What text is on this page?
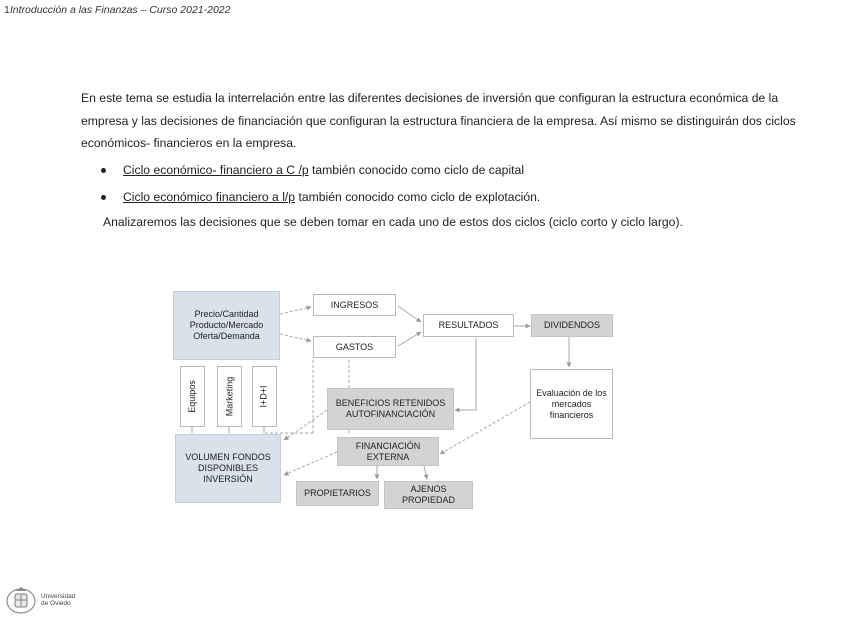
1Introducción a las Finanzas – Curso 2021-2022

En este tema se estudia la interrelación entre las diferentes decisiones de inversión que configuran la estructura económica de la empresa y las decisiones de financiación que configuran la estructura financiera de la empresa. Así mismo se distinguirán dos ciclos económicos- financieros en la empresa.

Ciclo económico- financiero a C /p también conocido como ciclo de capital
Ciclo económico financiero a l/p también conocido como ciclo de explotación.

Analizaremos las decisiones que se deben tomar en cada uno de estos dos ciclos (ciclo corto y ciclo largo).

Precio/Cantidad Producto/Mercado Oferta/Demanda
INGRESOS
GASTOS
RESULTADOS	DIVIDENDOS
Evaluación de los mercados financieros
Equipos	Marketing	I+D+I	BENEFICIOS RETENIDOS AUTOFINANCIACIÓN
FINANCIACIÓN EXTERNA
VOLUMEN FONDOS DISPONIBLES INVERSIÓN
PROPIETARIOS	AJENOS PROPIEDAD
Universidad
de Oviedo
